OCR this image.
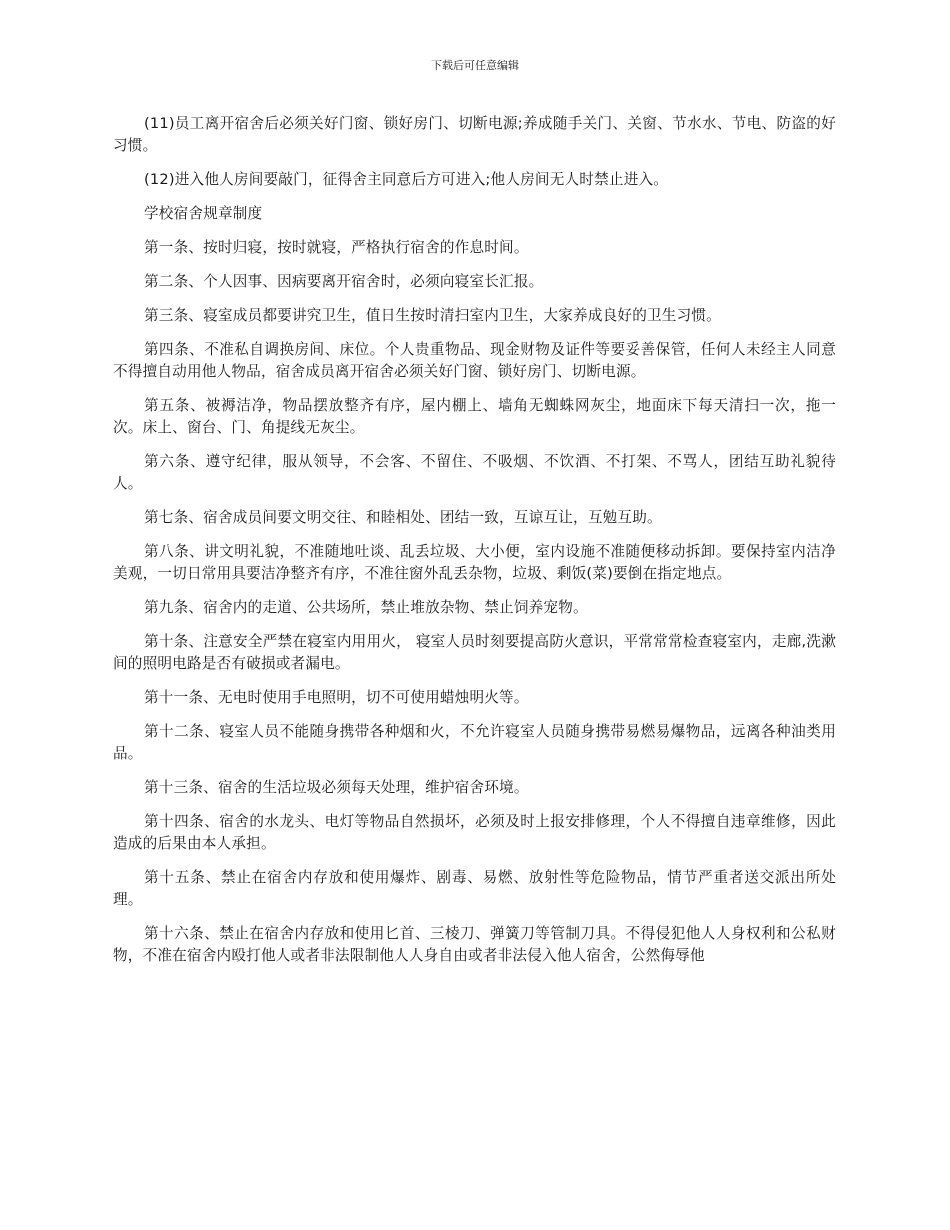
下载后可任意编辑

(11)员工离开宿舍后必须关好门窗、锁好房门、切断电源;养成随手关门、关窗、节水水、节电、防盗的好习惯。

(12)进入他人房间要敲门，征得舍主同意后方可进入;他人房间无人时禁止进入。

学校宿舍规章制度

第一条、按时归寝，按时就寝，严格执行宿舍的作息时间。

第二条、个人因事、因病要离开宿舍时，必须向寝室长汇报。

第三条、寝室成员都要讲究卫生，值日生按时清扫室内卫生，大家养成良好的卫生习惯。

第四条、不准私自调换房间、床位。个人贵重物品、现金财物及证件等要妥善保管，任何人未经主人同意不得擅自动用他人物品，宿舍成员离开宿舍必须关好门窗、锁好房门、切断电源。

第五条、被褥洁净，物品摆放整齐有序，屋内棚上、墙角无蜘蛛网灰尘，地面床下每天清扫一次，拖一次。床上、窗台、门、角提线无灰尘。

第六条、遵守纪律，服从领导，不会客、不留住、不吸烟、不饮酒、不打架、不骂人，团结互助礼貌待人。

第七条、宿舍成员间要文明交往、和睦相处、团结一致，互谅互让，互勉互助。

第八条、讲文明礼貌，不准随地吐谈、乱丢垃圾、大小便，室内设施不准随便移动拆卸。要保持室内洁净美观，一切日常用具要洁净整齐有序，不准往窗外乱丢杂物，垃圾、剩饭(菜)要倒在指定地点。

第九条、宿舍内的走道、公共场所，禁止堆放杂物、禁止饲养宠物。

第十条、注意安全严禁在寝室内用用火， 寝室人员时刻要提高防火意识，平常常常检查寝室内，走廊,洗漱间的照明电路是否有破损或者漏电。

第十一条、无电时使用手电照明，切不可使用蜡烛明火等。

第十二条、寝室人员不能随身携带各种烟和火，不允许寝室人员随身携带易燃易爆物品，远离各种油类用品。

第十三条、宿舍的生活垃圾必须每天处理，维护宿舍环境。

第十四条、宿舍的水龙头、电灯等物品自然损坏，必须及时上报安排修理，个人不得擅自违章维修，因此造成的后果由本人承担。

第十五条、禁止在宿舍内存放和使用爆炸、剧毒、易燃、放射性等危险物品，情节严重者送交派出所处理。

第十六条、禁止在宿舍内存放和使用匕首、三棱刀、弹簧刀等管制刀具。不得侵犯他人人身权利和公私财物，不准在宿舍内殴打他人或者非法限制他人人身自由或者非法侵入他人宿舍，公然侮辱他
